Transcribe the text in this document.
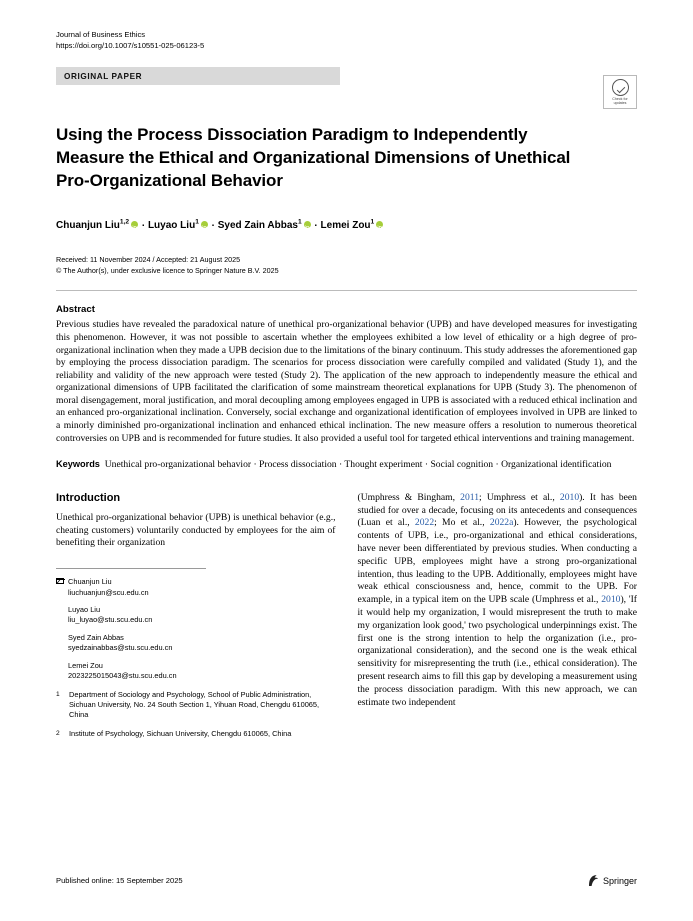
Journal of Business Ethics
https://doi.org/10.1007/s10551-025-06123-5
ORIGINAL PAPER
Check for
updates
Using the Process Dissociation Paradigm to Independently Measure the Ethical and Organizational Dimensions of Unethical Pro-Organizational Behavior
Chuanjun Liu$^{1,2}$iD · Luyao Liu$^1$iD · Syed Zain Abbas$^1$iD · Lemei Zou$^1$iD
Received: 11 November 2024 / Accepted: 21 August 2025
© The Author(s), under exclusive licence to Springer Nature B.V. 2025
Abstract
Previous studies have revealed the paradoxical nature of unethical pro-organizational behavior (UPB) and have developed measures for investigating this phenomenon. However, it was not possible to ascertain whether the employees exhibited a low level of ethicality or a high degree of pro-organizational inclination when they made a UPB decision due to the limitations of the binary continuum. This study addresses the aforementioned gap by employing the process dissociation paradigm. The scenarios for process dissociation were carefully compiled and validated (Study 1), and the reliability and validity of the new approach were tested (Study 2). The application of the new approach to independently measure the ethical and organizational dimensions of UPB facilitated the clarification of some mainstream theoretical explanations for UPB (Study 3). The phenomenon of moral disengagement, moral justification, and moral decoupling among employees engaged in UPB is associated with a reduced ethical inclination and an enhanced pro-organizational inclination. Conversely, social exchange and organizational identification of employees involved in UPB are linked to a minorly diminished pro-organizational inclination and enhanced ethical inclination. The new measure offers a resolution to numerous theoretical controversies on UPB and is recommended for future studies. It also provided a useful tool for targeted ethical interventions and training management.
Keywords Unethical pro-organizational behavior · Process dissociation · Thought experiment · Social cognition · Organizational identification
Introduction
Unethical pro-organizational behavior (UPB) is unethical behavior (e.g., cheating customers) voluntarily conducted by employees for the aim of benefiting their organization
Chuanjun Liu
liuchuanjun@scu.edu.cn
Luyao Liu
liu_luyao@stu.scu.edu.cn
Syed Zain Abbas
syedzainabbas@stu.scu.edu.cn
Lemei Zou
2023225015043@stu.scu.edu.cn
1	Department of Sociology and Psychology, School of Public Administration, Sichuan University, No. 24 South Section 1, Yihuan Road, Chengdu 610065, China
2	Institute of Psychology, Sichuan University, Chengdu 610065, China
(Umphress & Bingham, 2011; Umphress et al., 2010). It has been studied for over a decade, focusing on its antecedents and consequences (Luan et al., 2022; Mo et al., 2022a). However, the psychological contents of UPB, i.e., pro-organizational and ethical considerations, have never been differentiated by previous studies. When conducting a specific UPB, employees might have a strong pro-organizational intention, thus leading to the UPB. Additionally, employees might have weak ethical consciousness and, hence, commit to the UPB. For example, in a typical item on the UPB scale (Umphress et al., 2010), 'If it would help my organization, I would misrepresent the truth to make my organization look good,' two psychological underpinnings exist. The first one is the strong intention to help the organization (i.e., pro-organizational consideration), and the second one is the weak ethical sensitivity for misrepresenting the truth (i.e., ethical consideration). The present research aims to fill this gap by developing a measurement using the process dissociation paradigm. With this new approach, we can estimate two independent
Published online: 15 September 2025	Springer
